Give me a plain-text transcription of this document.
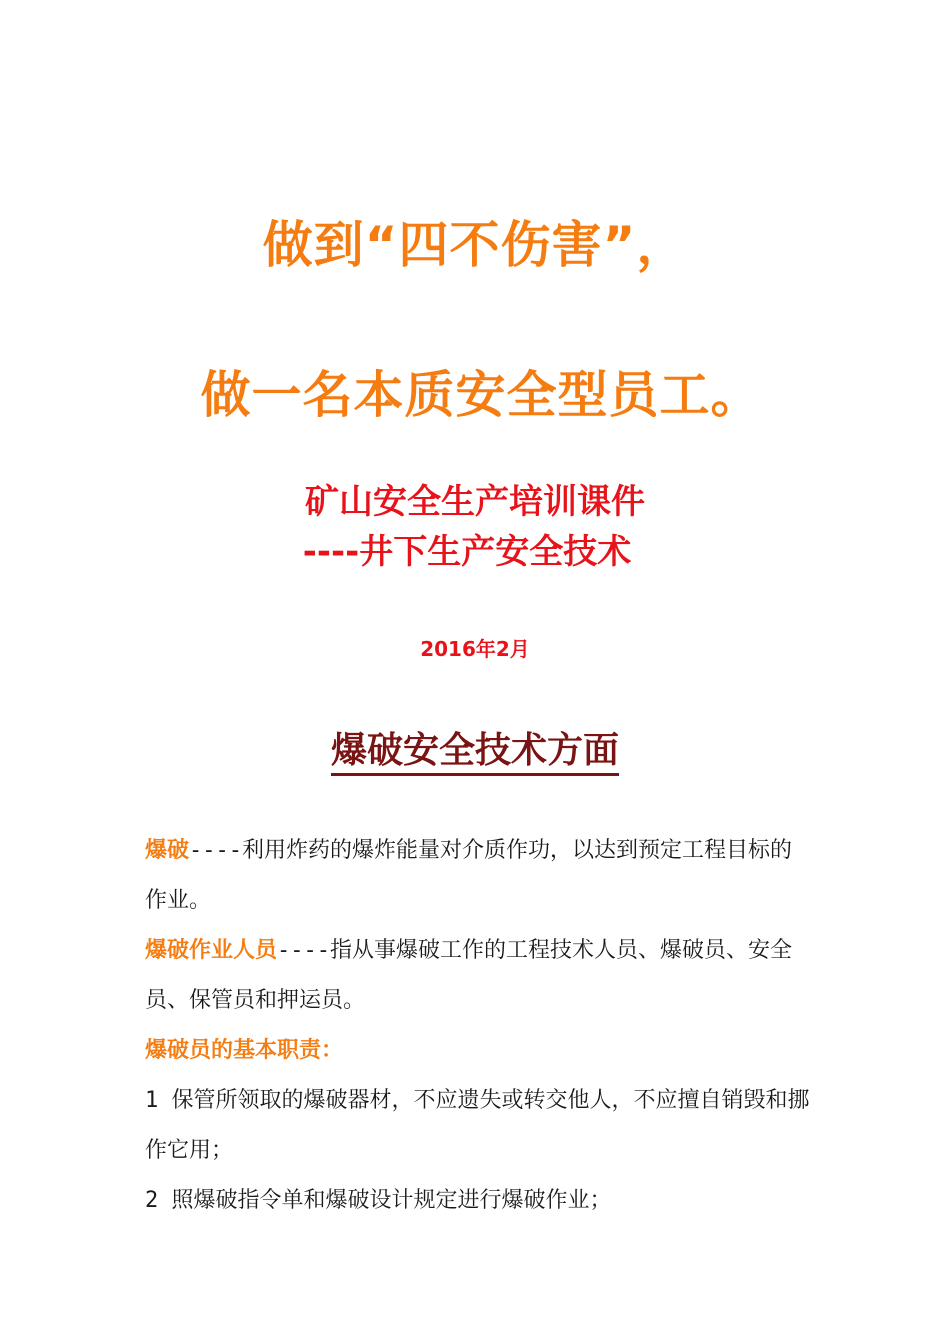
做到“四不伤害”，
做一名本质安全型员工。
矿山安全生产培训课件
----井下生产安全技术

2016年2月

爆破安全技术方面

爆破----利用炸药的爆炸能量对介质作功，以达到预定工程目标的作业。

爆破作业人员----指从事爆破工作的工程技术人员、爆破员、安全员、保管员和押运员。

爆破员的基本职责：

1 保管所领取的爆破器材，不应遗失或转交他人，不应擅自销毁和挪作它用；

2 照爆破指令单和爆破设计规定进行爆破作业；
